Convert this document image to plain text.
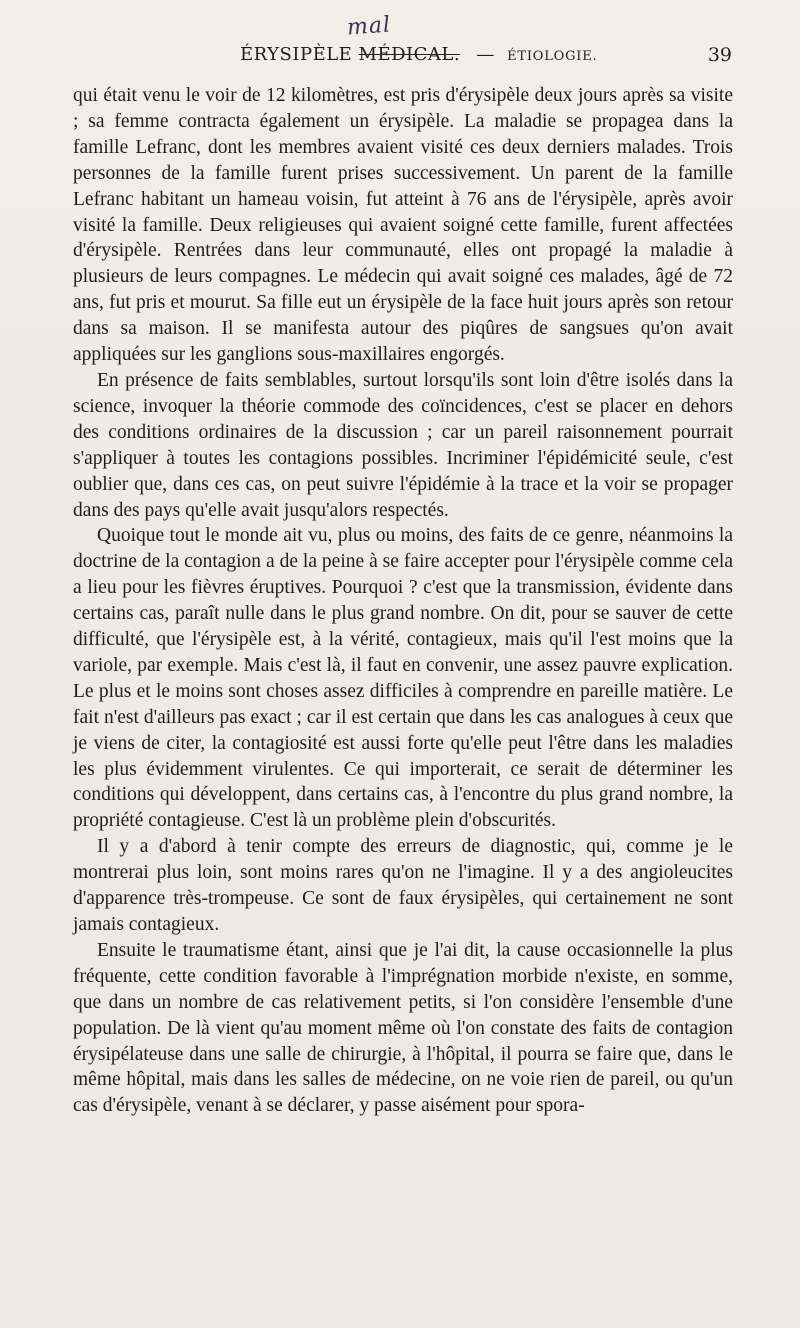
mal
ÉRYSIPÈLE MÉDICAL. — ÉTIOLOGIE.	39

qui était venu le voir de 12 kilomètres, est pris d'érysipèle deux jours après sa visite ; sa femme contracta également un érysipèle. La maladie se propagea dans la famille Lefranc, dont les membres avaient visité ces deux derniers malades. Trois personnes de la famille furent prises successivement. Un parent de la famille Lefranc habitant un hameau voisin, fut atteint à 76 ans de l'érysipèle, après avoir visité la famille. Deux religieuses qui avaient soigné cette famille, furent affectées d'érysipèle. Rentrées dans leur communauté, elles ont propagé la maladie à plusieurs de leurs compagnes. Le médecin qui avait soigné ces malades, âgé de 72 ans, fut pris et mourut. Sa fille eut un érysipèle de la face huit jours après son retour dans sa maison. Il se manifesta autour des piqûres de sangsues qu'on avait appliquées sur les ganglions sous-maxillaires engorgés.

En présence de faits semblables, surtout lorsqu'ils sont loin d'être isolés dans la science, invoquer la théorie commode des coïncidences, c'est se placer en dehors des conditions ordinaires de la discussion ; car un pareil raisonnement pourrait s'appliquer à toutes les contagions possibles. Incriminer l'épidémicité seule, c'est oublier que, dans ces cas, on peut suivre l'épidémie à la trace et la voir se propager dans des pays qu'elle avait jusqu'alors respectés.

Quoique tout le monde ait vu, plus ou moins, des faits de ce genre, néanmoins la doctrine de la contagion a de la peine à se faire accepter pour l'érysipèle comme cela a lieu pour les fièvres éruptives. Pourquoi ? c'est que la transmission, évidente dans certains cas, paraît nulle dans le plus grand nombre. On dit, pour se sauver de cette difficulté, que l'érysipèle est, à la vérité, contagieux, mais qu'il l'est moins que la variole, par exemple. Mais c'est là, il faut en convenir, une assez pauvre explication. Le plus et le moins sont choses assez difficiles à comprendre en pareille matière. Le fait n'est d'ailleurs pas exact ; car il est certain que dans les cas analogues à ceux que je viens de citer, la contagiosité est aussi forte qu'elle peut l'être dans les maladies les plus évidemment virulentes. Ce qui importerait, ce serait de déterminer les conditions qui développent, dans certains cas, à l'encontre du plus grand nombre, la propriété contagieuse. C'est là un problème plein d'obscurités.

Il y a d'abord à tenir compte des erreurs de diagnostic, qui, comme je le montrerai plus loin, sont moins rares qu'on ne l'imagine. Il y a des angioleucites d'apparence très-trompeuse. Ce sont de faux érysipèles, qui certainement ne sont jamais contagieux.

Ensuite le traumatisme étant, ainsi que je l'ai dit, la cause occasionnelle la plus fréquente, cette condition favorable à l'imprégnation morbide n'existe, en somme, que dans un nombre de cas relativement petits, si l'on considère l'ensemble d'une population. De là vient qu'au moment même où l'on constate des faits de contagion érysipélateuse dans une salle de chirurgie, à l'hôpital, il pourra se faire que, dans le même hôpital, mais dans les salles de médecine, on ne voie rien de pareil, ou qu'un cas d'érysipèle, venant à se déclarer, y passe aisément pour spora-
